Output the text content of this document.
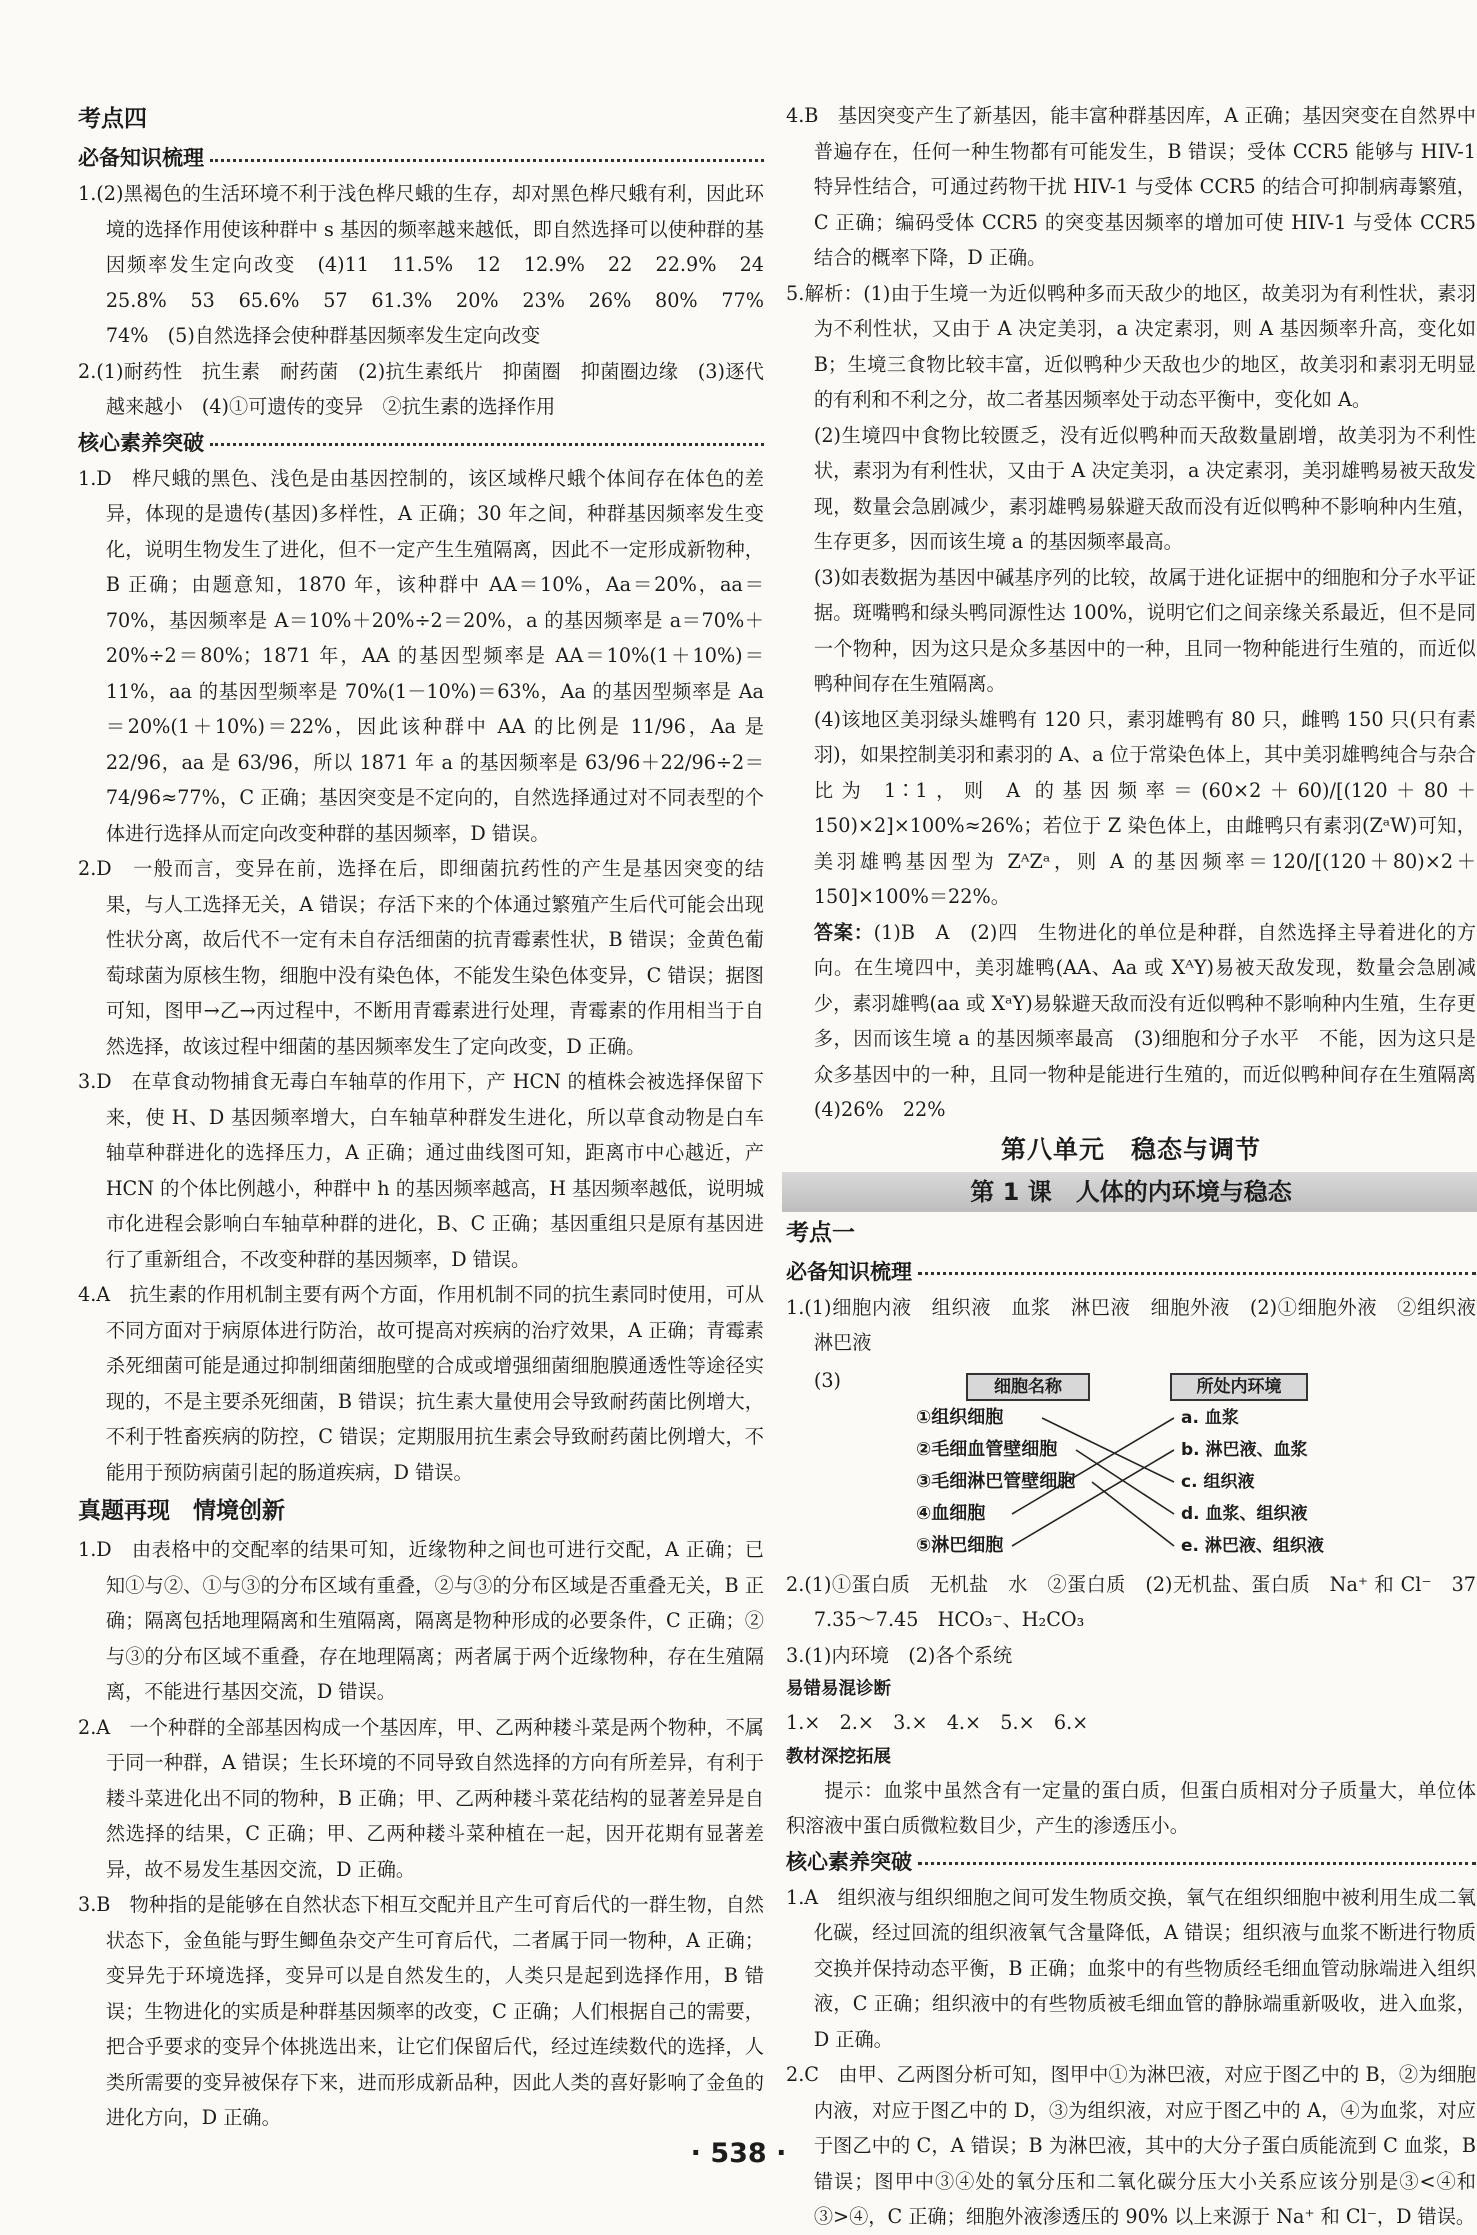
考点四

必备知识梳理

1.(2)黑褐色的生活环境不利于浅色桦尺蛾的生存，却对黑色桦尺蛾有利，因此环境的选择作用使该种群中 s 基因的频率越来越低，即自然选择可以使种群的基因频率发生定向改变　(4)11　11.5%　12　12.9%　22　22.9%　24　25.8%　53　65.6%　57　61.3%　20%　23%　26%　80%　77%　74%　(5)自然选择会使种群基因频率发生定向改变

2.(1)耐药性　抗生素　耐药菌　(2)抗生素纸片　抑菌圈　抑菌圈边缘　(3)逐代越来越小　(4)①可遗传的变异　②抗生素的选择作用

核心素养突破

1.D　桦尺蛾的黑色、浅色是由基因控制的，该区域桦尺蛾个体间存在体色的差异，体现的是遗传(基因)多样性，A 正确；30 年之间，种群基因频率发生变化，说明生物发生了进化，但不一定产生生殖隔离，因此不一定形成新物种，B 正确；由题意知，1870 年，该种群中 AA＝10%，Aa＝20%，aa＝70%，基因频率是 A＝10%＋20%÷2＝20%，a 的基因频率是 a＝70%＋20%÷2＝80%；1871 年，AA 的基因型频率是 AA＝10%(1＋10%)＝11%，aa 的基因型频率是 70%(1－10%)＝63%，Aa 的基因型频率是 Aa＝20%(1＋10%)＝22%，因此该种群中 AA 的比例是 11/96，Aa 是 22/96，aa 是 63/96，所以 1871 年 a 的基因频率是 63/96＋22/96÷2＝74/96≈77%，C 正确；基因突变是不定向的，自然选择通过对不同表型的个体进行选择从而定向改变种群的基因频率，D 错误。

2.D　一般而言，变异在前，选择在后，即细菌抗药性的产生是基因突变的结果，与人工选择无关，A 错误；存活下来的个体通过繁殖产生后代可能会出现性状分离，故后代不一定有未自存活细菌的抗青霉素性状，B 错误；金黄色葡萄球菌为原核生物，细胞中没有染色体，不能发生染色体变异，C 错误；据图可知，图甲→乙→丙过程中，不断用青霉素进行处理，青霉素的作用相当于自然选择，故该过程中细菌的基因频率发生了定向改变，D 正确。

3.D　在草食动物捕食无毒白车轴草的作用下，产 HCN 的植株会被选择保留下来，使 H、D 基因频率增大，白车轴草种群发生进化，所以草食动物是白车轴草种群进化的选择压力，A 正确；通过曲线图可知，距离市中心越近，产 HCN 的个体比例越小，种群中 h 的基因频率越高，H 基因频率越低，说明城市化进程会影响白车轴草种群的进化，B、C 正确；基因重组只是原有基因进行了重新组合，不改变种群的基因频率，D 错误。

4.A　抗生素的作用机制主要有两个方面，作用机制不同的抗生素同时使用，可从不同方面对于病原体进行防治，故可提高对疾病的治疗效果，A 正确；青霉素杀死细菌可能是通过抑制细菌细胞壁的合成或增强细菌细胞膜通透性等途径实现的，不是主要杀死细菌，B 错误；抗生素大量使用会导致耐药菌比例增大，不利于牲畜疾病的防控，C 错误；定期服用抗生素会导致耐药菌比例增大，不能用于预防病菌引起的肠道疾病，D 错误。

真题再现　情境创新

1.D　由表格中的交配率的结果可知，近缘物种之间也可进行交配，A 正确；已知①与②、①与③的分布区域有重叠，②与③的分布区域是否重叠无关，B 正确；隔离包括地理隔离和生殖隔离，隔离是物种形成的必要条件，C 正确；②与③的分布区域不重叠，存在地理隔离；两者属于两个近缘物种，存在生殖隔离，不能进行基因交流，D 错误。

2.A　一个种群的全部基因构成一个基因库，甲、乙两种耧斗菜是两个物种，不属于同一种群，A 错误；生长环境的不同导致自然选择的方向有所差异，有利于耧斗菜进化出不同的物种，B 正确；甲、乙两种耧斗菜花结构的显著差异是自然选择的结果，C 正确；甲、乙两种耧斗菜种植在一起，因开花期有显著差异，故不易发生基因交流，D 正确。

3.B　物种指的是能够在自然状态下相互交配并且产生可育后代的一群生物，自然状态下，金鱼能与野生鲫鱼杂交产生可育后代，二者属于同一物种，A 正确；变异先于环境选择，变异可以是自然发生的，人类只是起到选择作用，B 错误；生物进化的实质是种群基因频率的改变，C 正确；人们根据自己的需要，把合乎要求的变异个体挑选出来，让它们保留后代，经过连续数代的选择，人类所需要的变异被保存下来，进而形成新品种，因此人类的喜好影响了金鱼的进化方向，D 正确。

4.B　基因突变产生了新基因，能丰富种群基因库，A 正确；基因突变在自然界中普遍存在，任何一种生物都有可能发生，B 错误；受体 CCR5 能够与 HIV-1 特异性结合，可通过药物干扰 HIV-1 与受体 CCR5 的结合可抑制病毒繁殖，C 正确；编码受体 CCR5 的突变基因频率的增加可使 HIV-1 与受体 CCR5 结合的概率下降，D 正确。

5.解析：(1)由于生境一为近似鸭种多而天敌少的地区，故美羽为有利性状，素羽为不利性状，又由于 A 决定美羽，a 决定素羽，则 A 基因频率升高，变化如 B；生境三食物比较丰富，近似鸭种少天敌也少的地区，故美羽和素羽无明显的有利和不利之分，故二者基因频率处于动态平衡中，变化如 A。

(2)生境四中食物比较匮乏，没有近似鸭种而天敌数量剧增，故美羽为不利性状，素羽为有利性状，又由于 A 决定美羽，a 决定素羽，美羽雄鸭易被天敌发现，数量会急剧减少，素羽雄鸭易躲避天敌而没有近似鸭种不影响种内生殖，生存更多，因而该生境 a 的基因频率最高。

(3)如表数据为基因中碱基序列的比较，故属于进化证据中的细胞和分子水平证据。斑嘴鸭和绿头鸭同源性达 100%，说明它们之间亲缘关系最近，但不是同一个物种，因为这只是众多基因中的一种，且同一物种能进行生殖的，而近似鸭种间存在生殖隔离。

(4)该地区美羽绿头雄鸭有 120 只，素羽雄鸭有 80 只，雌鸭 150 只(只有素羽)，如果控制美羽和素羽的 A、a 位于常染色体上，其中美羽雄鸭纯合与杂合比为 1∶1，则 A 的基因频率＝(60×2＋60)/[(120＋80＋150)×2]×100%≈26%；若位于 Z 染色体上，由雌鸭只有素羽(ZᵃW)可知，美羽雄鸭基因型为 ZᴬZᵃ，则 A 的基因频率＝120/[(120＋80)×2＋150]×100%＝22%。

答案：(1)B　A　(2)四　生物进化的单位是种群，自然选择主导着进化的方向。在生境四中，美羽雄鸭(AA、Aa 或 XᴬY)易被天敌发现，数量会急剧减少，素羽雄鸭(aa 或 XᵃY)易躲避天敌而没有近似鸭种不影响种内生殖，生存更多，因而该生境 a 的基因频率最高　(3)细胞和分子水平　不能，因为这只是众多基因中的一种，且同一物种是能进行生殖的，而近似鸭种间存在生殖隔离　(4)26%　22%

第八单元　稳态与调节
第 1 课　人体的内环境与稳态

考点一

必备知识梳理

1.(1)细胞内液　组织液　血浆　淋巴液　细胞外液　(2)①细胞外液　②组织液　淋巴液

(3)	细胞名称	所处内环境
①组织细胞
②毛细血管壁细胞
③毛细淋巴管壁细胞
④血细胞
⑤淋巴细胞
a. 血浆
b. 淋巴液、血浆
c. 组织液
d. 血浆、组织液
e. 淋巴液、组织液

2.(1)①蛋白质　无机盐　水　②蛋白质　(2)无机盐、蛋白质　Na⁺ 和 Cl⁻　37　7.35～7.45　HCO₃⁻、H₂CO₃

3.(1)内环境　(2)各个系统

易错易混诊断

1.×　2.×　3.×　4.×　5.×　6.×

教材深挖拓展

提示：血浆中虽然含有一定量的蛋白质，但蛋白质相对分子质量大，单位体积溶液中蛋白质微粒数目少，产生的渗透压小。

核心素养突破

1.A　组织液与组织细胞之间可发生物质交换，氧气在组织细胞中被利用生成二氧化碳，经过回流的组织液氧气含量降低，A 错误；组织液与血浆不断进行物质交换并保持动态平衡，B 正确；血浆中的有些物质经毛细血管动脉端进入组织液，C 正确；组织液中的有些物质被毛细血管的静脉端重新吸收，进入血浆，D 正确。

2.C　由甲、乙两图分析可知，图甲中①为淋巴液，对应于图乙中的 B，②为细胞内液，对应于图乙中的 D，③为组织液，对应于图乙中的 A，④为血浆，对应于图乙中的 C，A 错误；B 为淋巴液，其中的大分子蛋白质能流到 C 血浆，B 错误；图甲中③④处的氧分压和二氧化碳分压大小关系应该分别是③<④和③>④，C 正确；细胞外液渗透压的 90% 以上来源于 Na⁺ 和 Cl⁻，D 错误。

· 538 ·
